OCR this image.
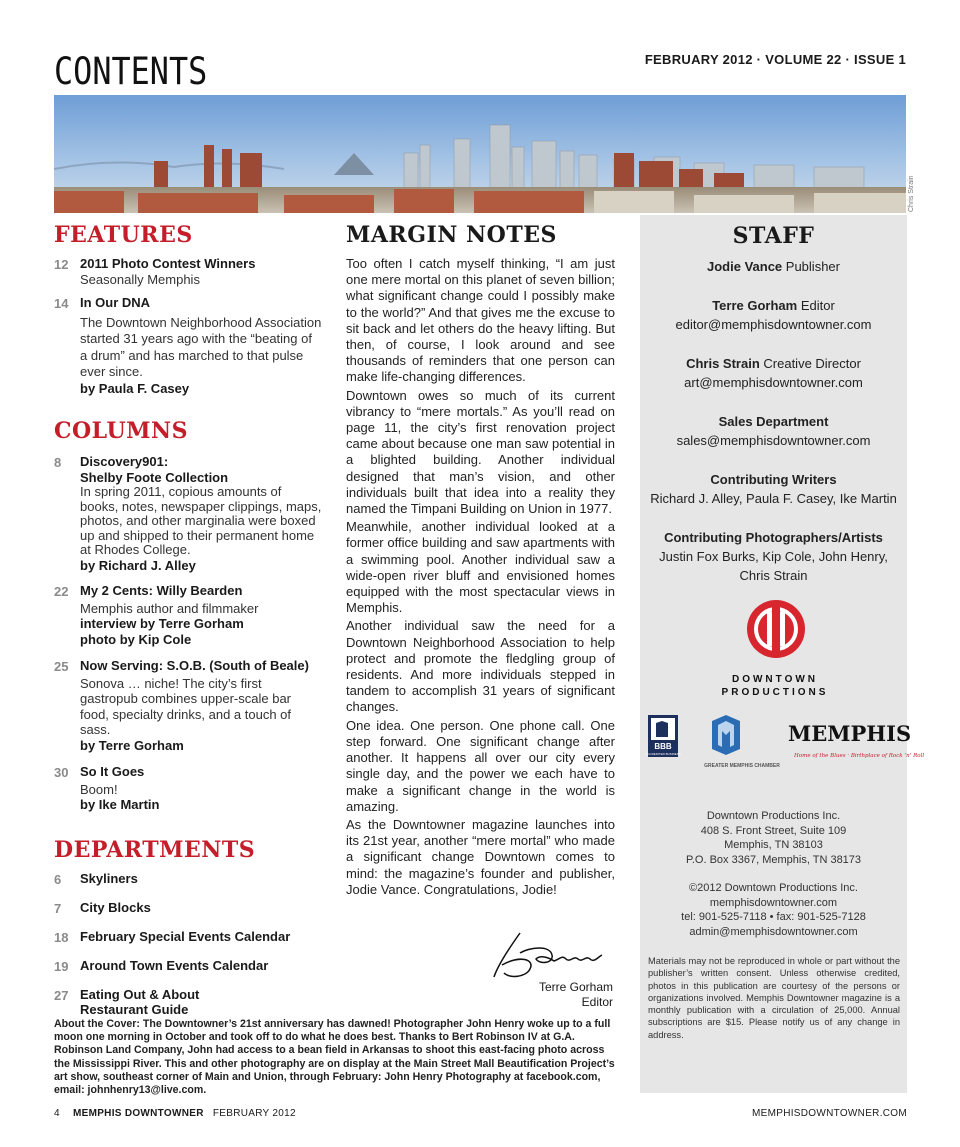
CONTENTS	FEBRUARY 2012 · VOLUME 22 · ISSUE 1
Chris Strain
FEATURES
12 2011 Photo Contest Winners
Seasonally Memphis
14 In Our DNA
The Downtown Neighborhood Association started 31 years ago with the “beating of a drum” and has marched to that pulse ever since.
by Paula F. Casey
COLUMNS
8	Discovery901:
Shelby Foote Collection
In spring 2011, copious amounts of books, notes, newspaper clippings, maps, photos, and other marginalia were boxed up and shipped to their permanent home at Rhodes College.
by Richard J. Alley
22 My 2 Cents: Willy Bearden
Memphis author and filmmaker
interview by Terre Gorham
photo by Kip Cole
25 Now Serving: S.O.B. (South of Beale)
Sonova … niche! The city’s first gastropub combines upper-scale bar food, specialty drinks, and a touch of sass.
by Terre Gorham
30 So It Goes
Boom!
by Ike Martin
DEPARTMENTS
6	Skyliners
7	City Blocks
18 February Special Events Calendar
19 Around Town Events Calendar
27 Eating Out & About
Restaurant Guide
MARGIN NOTES

Too often I catch myself thinking, “I am just one mere mortal on this planet of seven billion; what significant change could I possibly make to the world?” And that gives me the excuse to sit back and let others do the heavy lifting. But then, of course, I look around and see thousands of reminders that one person can make life-changing differences.

Downtown owes so much of its current vibrancy to “mere mortals.” As you’ll read on page 11, the city’s first renovation project came about because one man saw potential in a blighted building. Another individual designed that man’s vision, and other individuals built that idea into a reality they named the Timpani Building on Union in 1977.

Meanwhile, another individual looked at a former office building and saw apartments with a swimming pool. Another individual saw a wide-open river bluff and envisioned homes equipped with the most spectacular views in Memphis.

Another individual saw the need for a Downtown Neighborhood Association to help protect and promote the fledgling group of residents. And more individuals stepped in tandem to accomplish 31 years of significant changes.

One idea. One person. One phone call. One step forward. One significant change after another. It happens all over our city every single day, and the power we each have to make a significant change in the world is amazing.

As the Downtowner magazine launches into its 21st year, another “mere mortal” who made a significant change Downtown comes to mind: the magazine’s founder and publisher, Jodie Vance. Congratulations, Jodie!

Terre Gorham
Editor
STAFF
Jodie Vance Publisher
Terre Gorham Editor
editor@memphisdowntowner.com
Chris Strain Creative Director
art@memphisdowntowner.com
Sales Department
sales@memphisdowntowner.com
Contributing Writers
Richard J. Alley, Paula F. Casey, Ike Martin
Contributing Photographers/Artists
Justin Fox Burks, Kip Cole, John Henry, Chris Strain
DOWNTOWN
PRODUCTIONS
BBB
ACCREDITED BUSINESS
GREATER MEMPHIS CHAMBER
MEMPHIS
Home of the Blues · Birthplace of Rock ’n’ Roll
Downtown Productions Inc.
408 S. Front Street, Suite 109
Memphis, TN 38103
P.O. Box 3367, Memphis, TN 38173
©2012 Downtown Productions Inc.
memphisdowntowner.com
tel: 901-525-7118 • fax: 901-525-7128
admin@memphisdowntowner.com
Materials may not be reproduced in whole or part without the publisher’s written consent. Unless otherwise credited, photos in this publication are courtesy of the persons or organizations involved. Memphis Downtowner magazine is a monthly publication with a circulation of 25,000. Annual subscriptions are $15. Please notify us of any change in address.
About the Cover: The Downtowner’s 21st anniversary has dawned! Photographer John Henry woke up to a full moon one morning in October and took off to do what he does best. Thanks to Bert Robinson IV at G.A. Robinson Land Company, John had access to a bean field in Arkansas to shoot this east-facing photo across the Mississippi River. This and other photography are on display at the Main Street Mall Beautification Project’s art show, southeast corner of Main and Union, through February: John Henry Photography at facebook.com, email: johnhenry13@live.com.
4 MEMPHIS DOWNTOWNER FEBRUARY 2012	MEMPHISDOWNTOWNER.COM
